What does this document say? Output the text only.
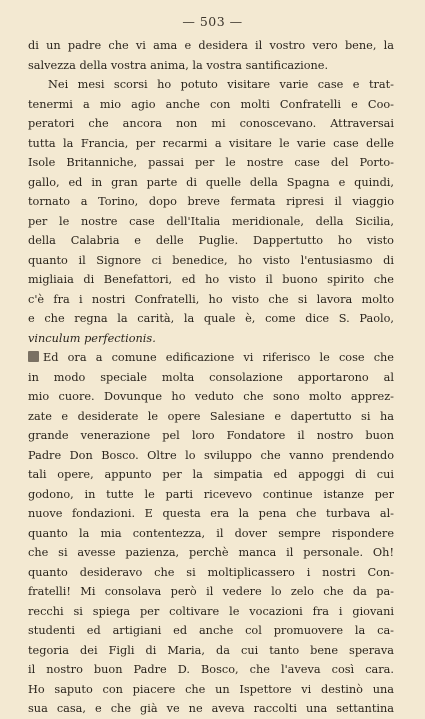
— 503 —
di un padre che vi ama e desidera il vostro vero bene, la
salvezza della vostra anima, la vostra santificazione.
Nei mesi scorsi ho potuto visitare varie case e trat-
tenermi a mio agio anche con molti Confratelli e Coo-
peratori che ancora non mi conoscevano. Attraversai
tutta la Francia, per recarmi a visitare le varie case delle
Isole Britanniche, passai per le nostre case del Porto-
gallo, ed in gran parte di quelle della Spagna e quindi,
tornato a Torino, dopo breve fermata ripresi il viaggio
per le nostre case dell'Italia meridionale, della Sicilia,
della Calabria e delle Puglie. Dappertutto ho visto
quanto il Signore ci benedice, ho visto l'entusiasmo di
migliaia di Benefattori, ed ho visto il buono spirito che
c'è fra i nostri Confratelli, ho visto che si lavora molto
e che regna la carità, la quale è, come dice S. Paolo,
vinculum perfectionis.
Ed ora a comune edificazione vi riferisco le cose che
in modo speciale molta consolazione apportarono al
mio cuore. Dovunque ho veduto che sono molto apprez-
zate e desiderate le opere Salesiane e dapertutto si ha
grande venerazione pel loro Fondatore il nostro buon
Padre Don Bosco. Oltre lo sviluppo che vanno prendendo
tali opere, appunto per la simpatia ed appoggi di cui
godono, in tutte le parti ricevevo continue istanze per
nuove fondazioni. E questa era la pena che turbava al-
quanto la mia contentezza, il dover sempre rispondere
che si avesse pazienza, perchè manca il personale. Oh!
quanto desideravo che si moltiplicassero i nostri Con-
fratelli! Mi consolava però il vedere lo zelo che da pa-
recchi si spiega per coltivare le vocazioni fra i giovani
studenti ed artigiani ed anche col promuovere la ca-
tegoria dei Figli di Maria, da cui tanto bene sperava
il nostro buon Padre D. Bosco, che l'aveva così cara.
Ho saputo con piacere che un Ispettore vi destinò una
sua casa, e che già ve ne aveva raccolti una settantina
